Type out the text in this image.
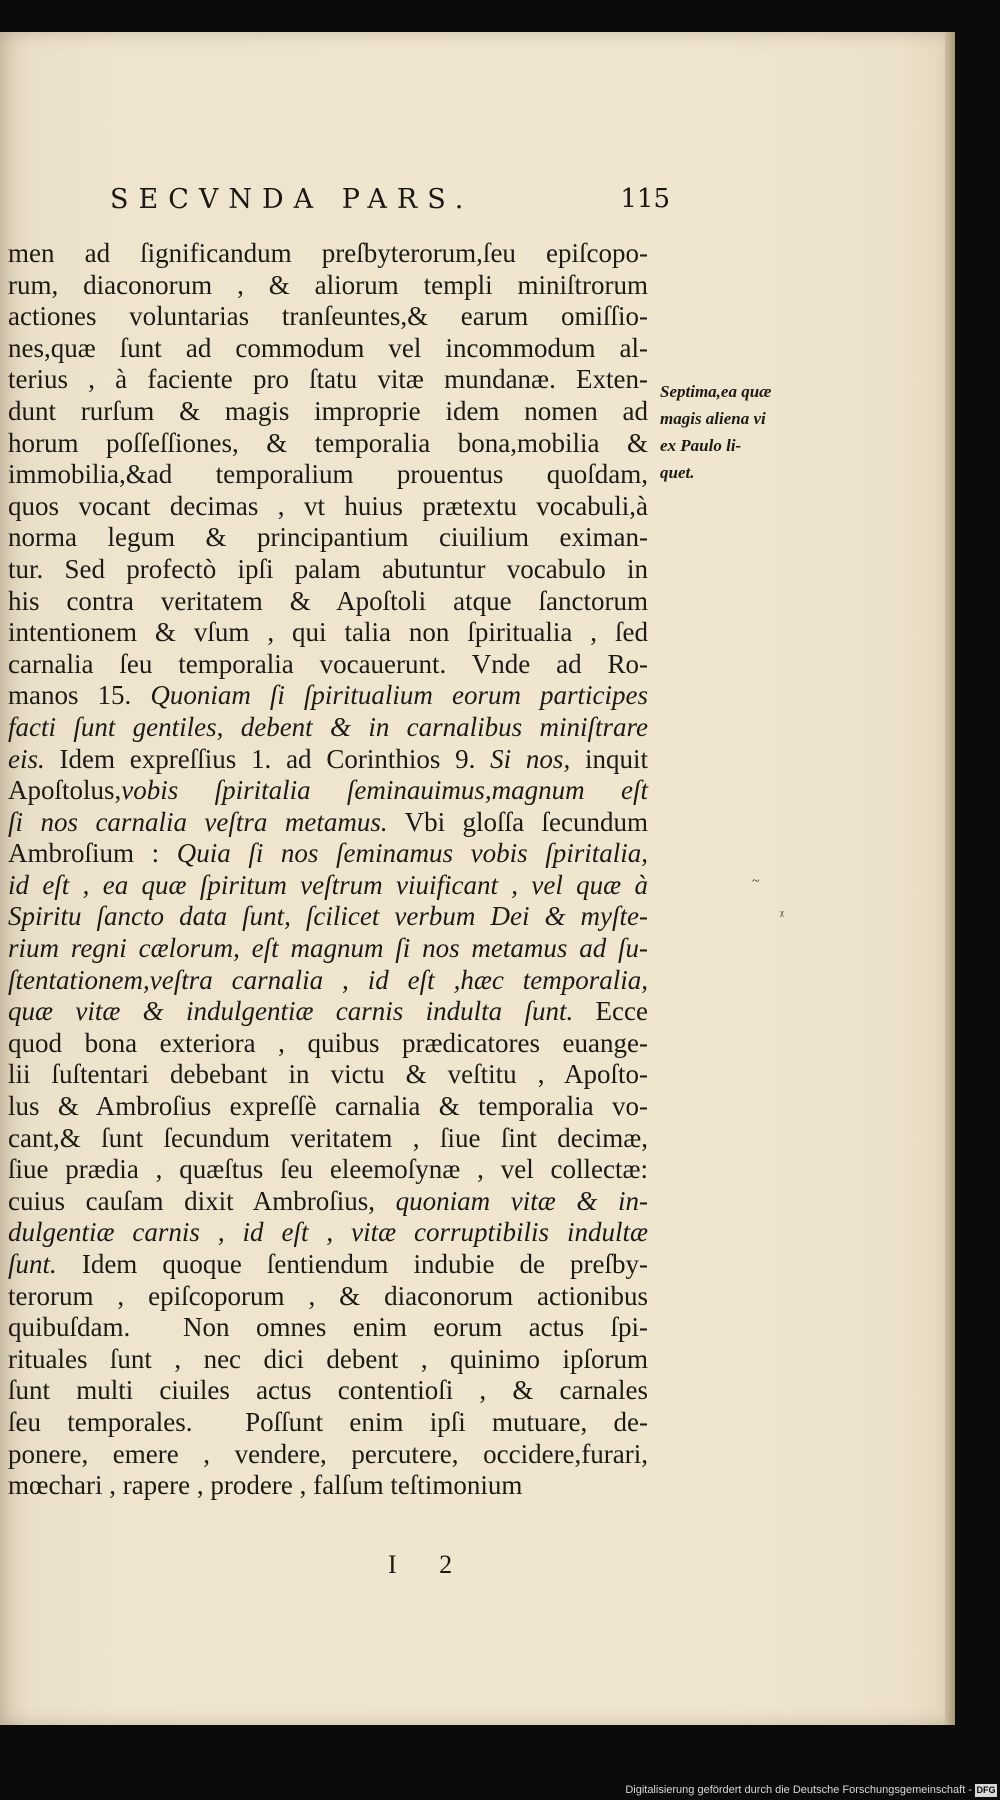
SECVNDA PARS.	115
men ad ſignificandum preſbyterorum,ſeu epiſcopo-
rum, diaconorum , & aliorum templi miniſtrorum
actiones voluntarias tranſeuntes,& earum omiſſio-
nes,quæ ſunt ad commodum vel incommodum al-
terius , à faciente pro ſtatu vitæ mundanæ. Exten-
dunt rurſum & magis improprie idem nomen ad
horum poſſeſſiones, & temporalia bona,mobilia &
immobilia,&ad temporalium prouentus quoſdam,
quos vocant decimas , vt huius prætextu vocabuli,à
norma legum & principantium ciuilium eximan-
tur. Sed profectò ipſi palam abutuntur vocabulo in
his contra veritatem & Apoſtoli atque ſanctorum
intentionem & vſum , qui talia non ſpiritualia , ſed
carnalia ſeu temporalia vocauerunt. Vnde ad Ro-
manos 15. Quoniam ſi ſpiritualium eorum participes
facti ſunt gentiles, debent & in carnalibus miniſtrare
eis. Idem expreſſius 1. ad Corinthios 9. Si nos, inquit
Apoſtolus,vobis ſpiritalia ſeminauimus,magnum eſt
ſi nos carnalia veſtra metamus. Vbi gloſſa ſecundum
Ambroſium : Quia ſi nos ſeminamus vobis ſpiritalia,
id eſt , ea quæ ſpiritum veſtrum viuificant , vel quæ à
Spiritu ſancto data ſunt, ſcilicet verbum Dei & myſte-
rium regni cælorum, eſt magnum ſi nos metamus ad ſu-
ſtentationem,veſtra carnalia , id eſt ,hæc temporalia,
quæ vitæ & indulgentiæ carnis indulta ſunt. Ecce
quod bona exteriora , quibus prædicatores euange-
lii ſuſtentari debebant in victu & veſtitu , Apoſto-
lus & Ambroſius expreſſè carnalia & temporalia vo-
cant,& ſunt ſecundum veritatem , ſiue ſint decimæ,
ſiue prædia , quæſtus ſeu eleemoſynæ , vel collectæ:
cuius cauſam dixit Ambroſius, quoniam vitæ & in-
dulgentiæ carnis , id eſt , vitæ corruptibilis indultæ
ſunt. Idem quoque ſentiendum indubie de preſby-
terorum , epiſcoporum , & diaconorum actionibus
quibuſdam.  Non omnes enim eorum actus ſpi-
rituales ſunt , nec dici debent , quinimo ipſorum
ſunt multi ciuiles actus contentioſi , & carnales
ſeu temporales.  Poſſunt enim ipſi mutuare, de-
ponere, emere , vendere, percutere, occidere,furari,
mœchari , rapere , prodere , falſum teſtimonium
Septima,ea quæ
magis aliena vi
ex Paulo li-
quet.
~
ᵡ
I 2
Digitalisierung gefördert durch die Deutsche Forschungsgemeinschaft - DFG
